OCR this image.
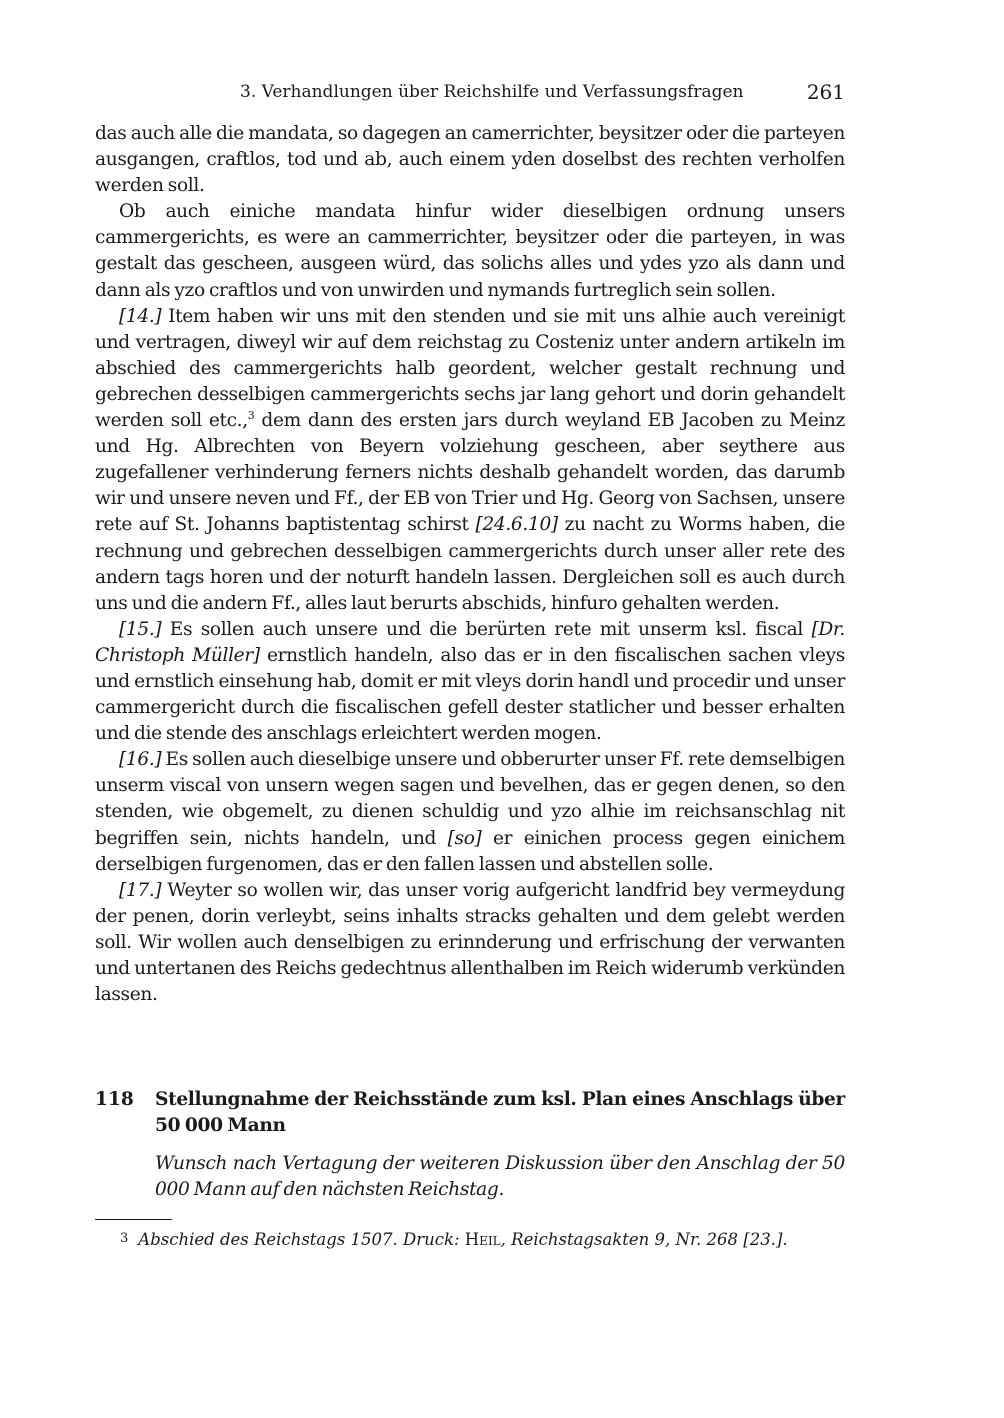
3. Verhandlungen über Reichshilfe und Verfassungsfragen	261

das auch alle die mandata, so dagegen an camerrichter, beysitzer oder die parteyen ausgangen, craftlos, tod und ab, auch einem yden doselbst des rechten verholfen werden soll.

Ob auch einiche mandata hinfur wider dieselbigen ordnung unsers cammergerichts, es were an cammerrichter, beysitzer oder die parteyen, in was gestalt das gescheen, ausgeen würd, das solichs alles und ydes yzo als dann und dann als yzo craftlos und von unwirden und nymands furtreglich sein sollen.

[14.] Item haben wir uns mit den stenden und sie mit uns alhie auch vereinigt und vertragen, diweyl wir auf dem reichstag zu Costeniz unter andern artikeln im abschied des cammergerichts halb geordent, welcher gestalt rechnung und gebrechen desselbigen cammergerichts sechs jar lang gehort und dorin gehandelt werden soll etc.,$^3$ dem dann des ersten jars durch weyland EB Jacoben zu Meinz und Hg. Albrechten von Beyern volziehung gescheen, aber seythere aus zugefallener verhinderung ferners nichts deshalb gehandelt worden, das darumb wir und unsere neven und Ff., der EB von Trier und Hg. Georg von Sachsen, unsere rete auf St. Johanns baptistentag schirst [24.6.10] zu nacht zu Worms haben, die rechnung und gebrechen desselbigen cammergerichts durch unser aller rete des andern tags horen und der noturft handeln lassen. Dergleichen soll es auch durch uns und die andern Ff., alles laut berurts abschids, hinfuro gehalten werden.

[15.] Es sollen auch unsere und die berürten rete mit unserm ksl. fiscal [Dr. Christoph Müller] ernstlich handeln, also das er in den fiscalischen sachen vleys und ernstlich einsehung hab, domit er mit vleys dorin handl und procedir und unser cammergericht durch die fiscalischen gefell dester statlicher und besser erhalten und die stende des anschlags erleichtert werden mogen.

[16.] Es sollen auch dieselbige unsere und obberurter unser Ff. rete demselbigen unserm viscal von unsern wegen sagen und bevelhen, das er gegen denen, so den stenden, wie obgemelt, zu dienen schuldig und yzo alhie im reichsanschlag nit begriffen sein, nichts handeln, und [so] er einichen process gegen einichem derselbigen furgenomen, das er den fallen lassen und abstellen solle.

[17.] Weyter so wollen wir, das unser vorig aufgericht landfrid bey vermeydung der penen, dorin verleybt, seins inhalts stracks gehalten und dem gelebt werden soll. Wir wollen auch denselbigen zu erinnderung und erfrischung der verwanten und untertanen des Reichs gedechtnus allenthalben im Reich widerumb verkünden lassen.

118 Stellungnahme der Reichsstände zum ksl. Plan eines Anschlags über 50 000 Mann
Wunsch nach Vertagung der weiteren Diskussion über den Anschlag der 50 000 Mann auf den nächsten Reichstag.
3 Abschied des Reichstags 1507. Druck: Heil, Reichstagsakten 9, Nr. 268 [23.].
